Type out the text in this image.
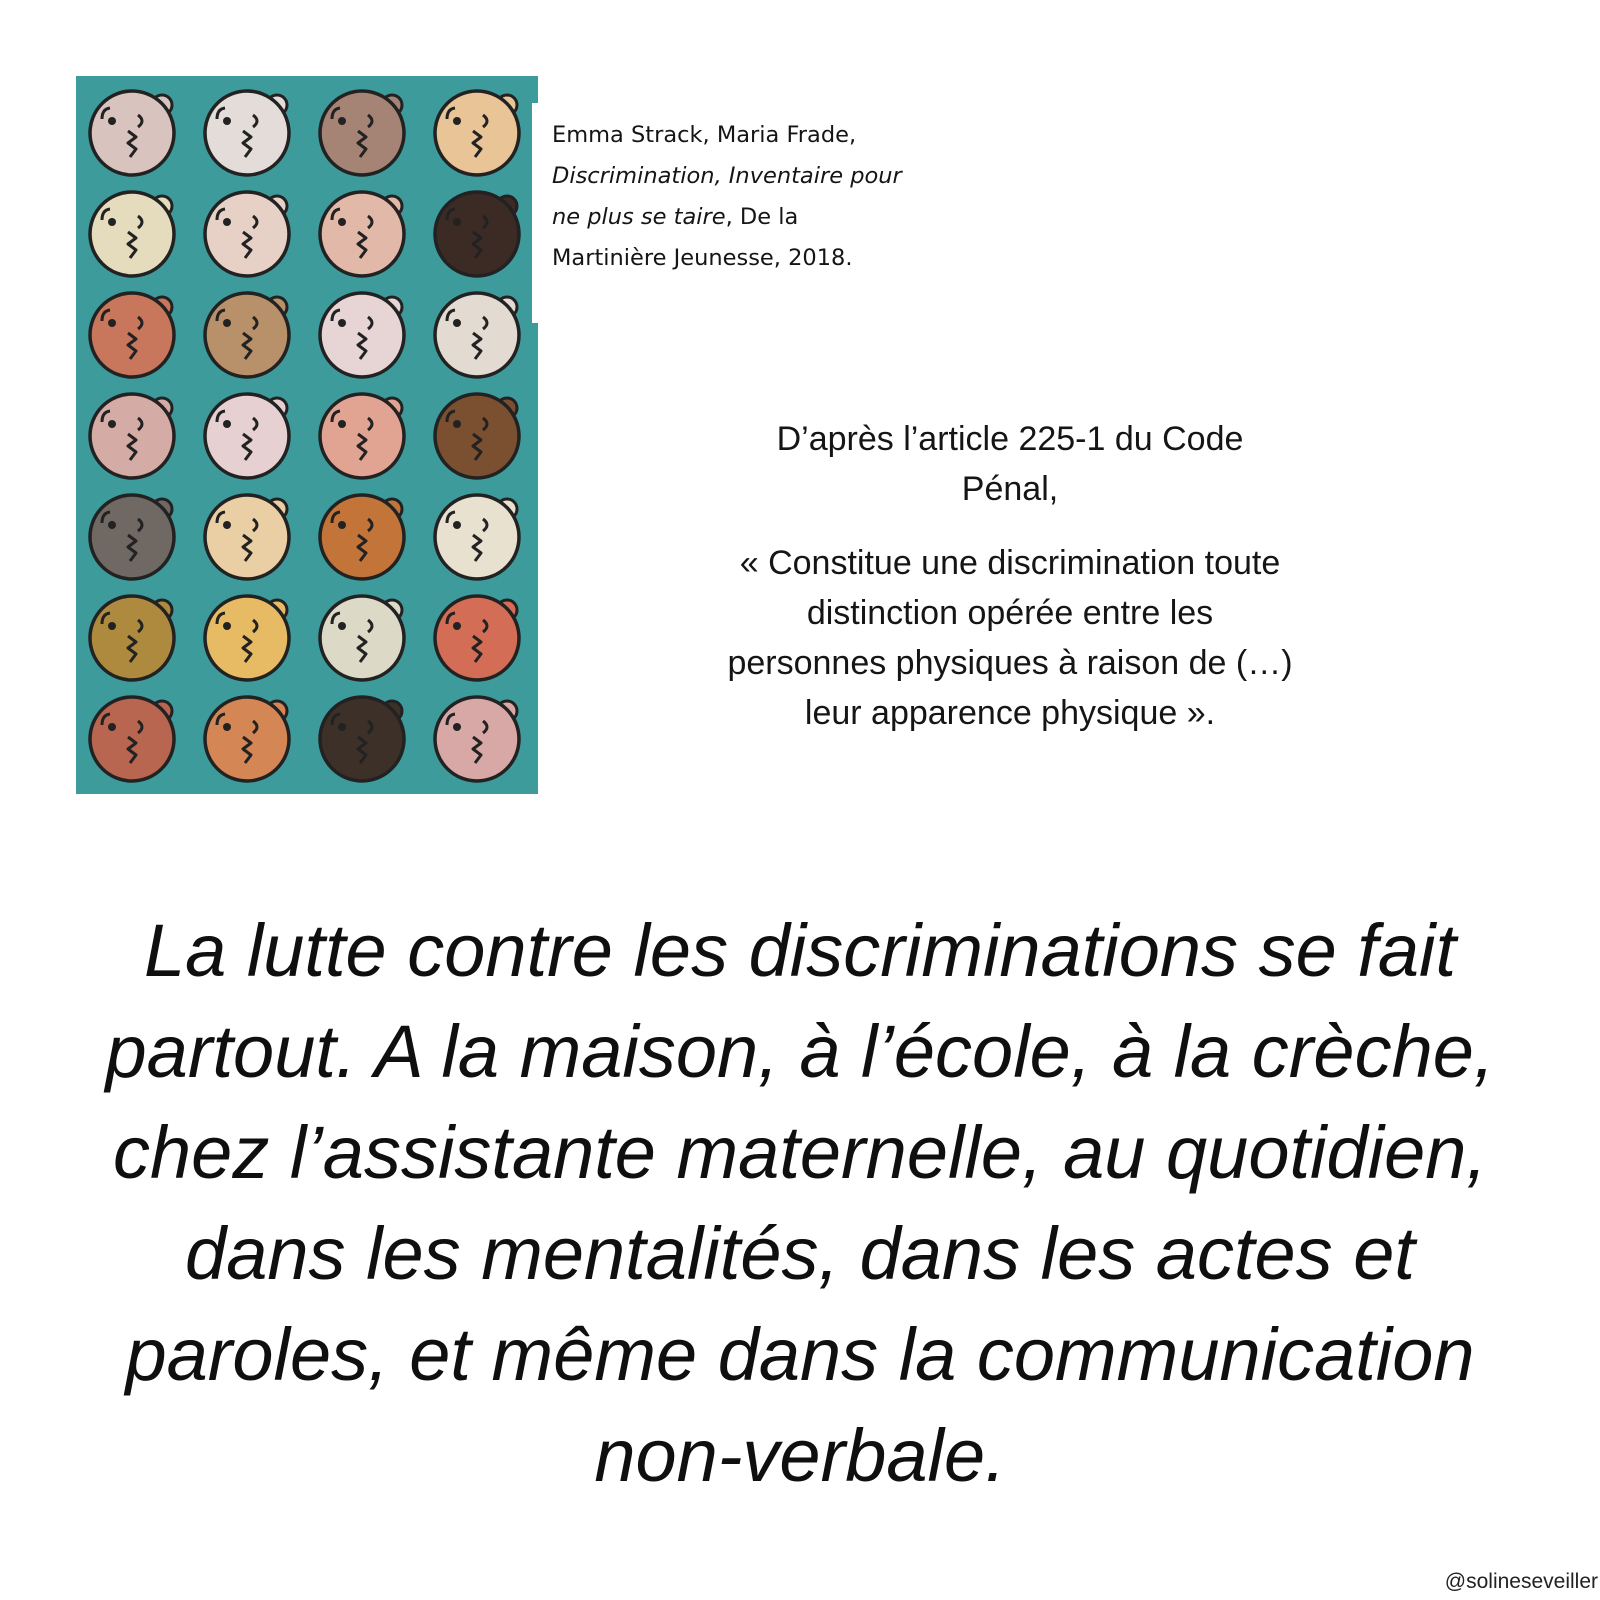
Emma Strack, Maria Frade,
Discrimination, Inventaire pour
ne plus se taire, De la
Martinière Jeunesse, 2018.
D’après l’article 225-1 du Code
Pénal,
« Constitue une discrimination toute
distinction opérée entre les
personnes physiques à raison de (…)
leur apparence physique ».
La lutte contre les discriminations se fait
partout. A la maison, à l’école, à la crèche,
chez l’assistante maternelle, au quotidien,
dans les mentalités, dans les actes et
paroles, et même dans la communication
non-verbale.
@solineseveiller
